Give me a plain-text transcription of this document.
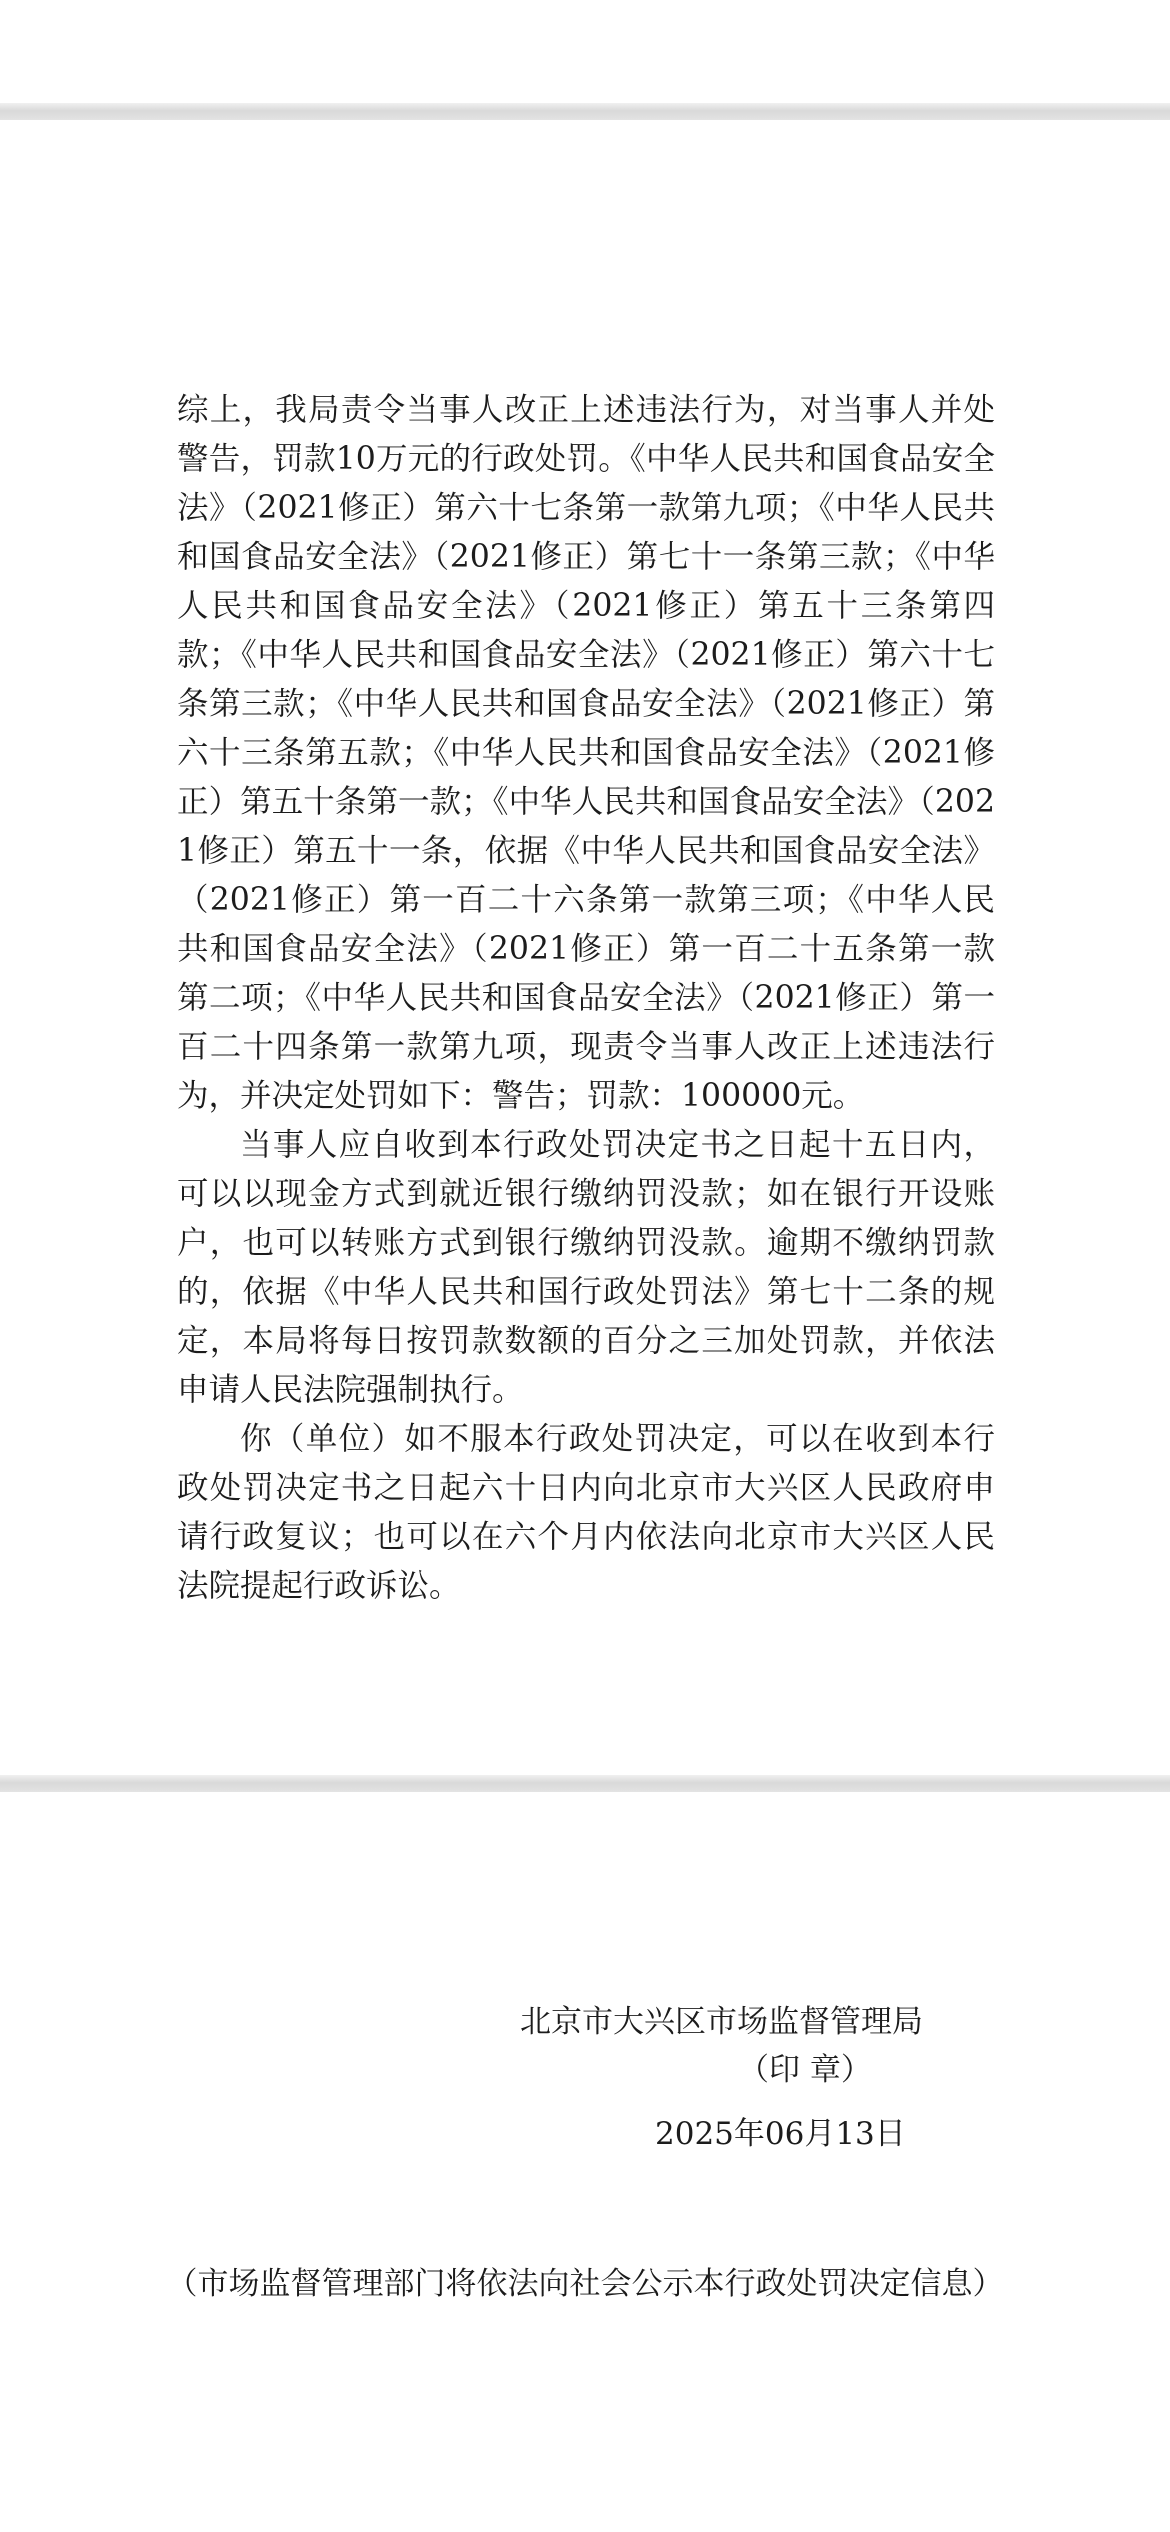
综上，我局责令当事人改正上述违法行为，对当事人并处警告，罚款10万元的行政处罚。《中华人民共和国食品安全法》（2021修正）第六十七条第一款第九项；《中华人民共和国食品安全法》（2021修正）第七十一条第三款；《中华人民共和国食品安全法》（2021修正）第五十三条第四款；《中华人民共和国食品安全法》（2021修正）第六十七条第三款；《中华人民共和国食品安全法》（2021修正）第六十三条第五款；《中华人民共和国食品安全法》（2021修正）第五十条第一款；《中华人民共和国食品安全法》（2021修正）第五十一条，依据《中华人民共和国食品安全法》（2021修正）第一百二十六条第一款第三项；《中华人民共和国食品安全法》（2021修正）第一百二十五条第一款第二项；《中华人民共和国食品安全法》（2021修正）第一百二十四条第一款第九项，现责令当事人改正上述违法行为，并决定处罚如下：警告；罚款：100000元。

当事人应自收到本行政处罚决定书之日起十五日内，可以以现金方式到就近银行缴纳罚没款；如在银行开设账户，也可以转账方式到银行缴纳罚没款。逾期不缴纳罚款的，依据《中华人民共和国行政处罚法》第七十二条的规定，本局将每日按罚款数额的百分之三加处罚款，并依法申请人民法院强制执行。

你（单位）如不服本行政处罚决定，可以在收到本行政处罚决定书之日起六十日内向北京市大兴区人民政府申请行政复议；也可以在六个月内依法向北京市大兴区人民法院提起行政诉讼。

北京市大兴区市场监督管理局
（印 章）
2025年06月13日
（市场监督管理部门将依法向社会公示本行政处罚决定信息）
